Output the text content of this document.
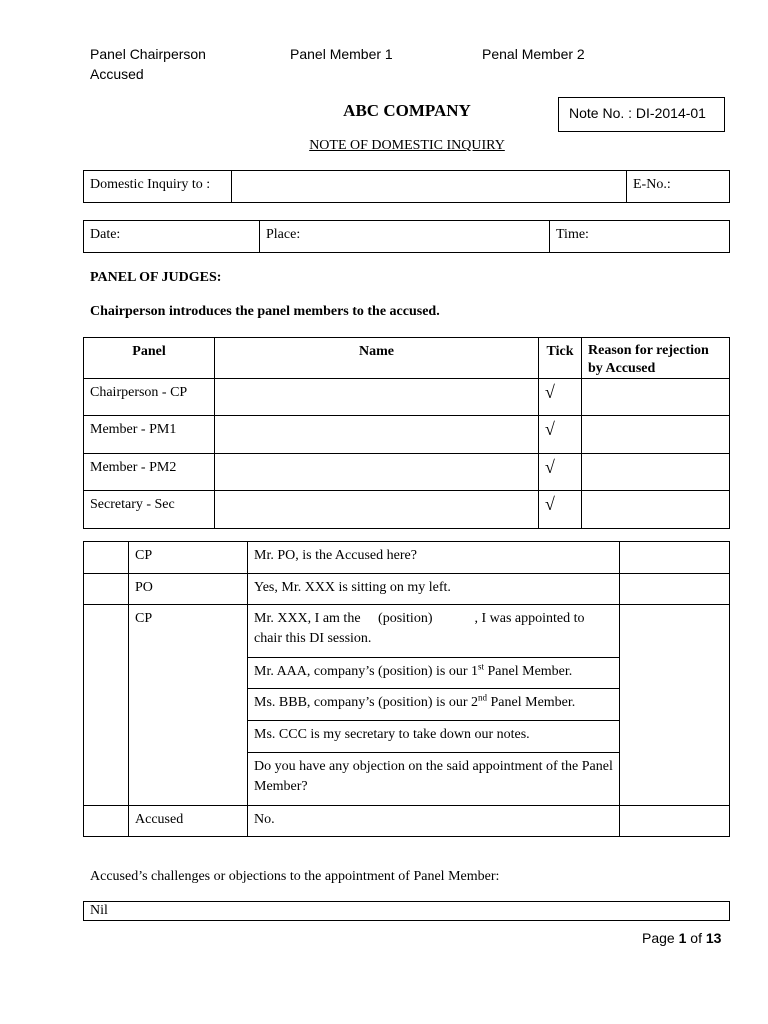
Panel Chairperson	Panel Member 1	Penal Member 2
Accused
ABC COMPANY	Note No. : DI-2014-01
NOTE OF DOMESTIC INQUIRY
Domestic Inquiry to :		E-No.:
Date:	Place:	Time:
PANEL OF JUDGES:
Chairperson introduces the panel members to the accused.
Panel	Name	Tick	Reason for rejection by Accused

Chairperson - CP		√	

Member - PM1		√	

Member - PM2		√	

Secretary - Sec		√	

	CP	Mr. PO, is the Accused here?	

	PO	Yes, Mr. XXX is sitting on my left.	

	CP	Mr. XXX, I am the     (position)            , I was appointed to chair this DI session.	

		Mr. AAA, company’s (position) is our 1st Panel Member.	

		Ms. BBB, company’s (position) is our 2nd Panel Member.	

		Ms. CCC is my secretary to take down our notes.	

		Do you have any objection on the said appointment of the Panel Member?	

	Accused	No.	

Accused’s challenges or objections to the appointment of Panel Member:
Nil
Page 1 of 13
